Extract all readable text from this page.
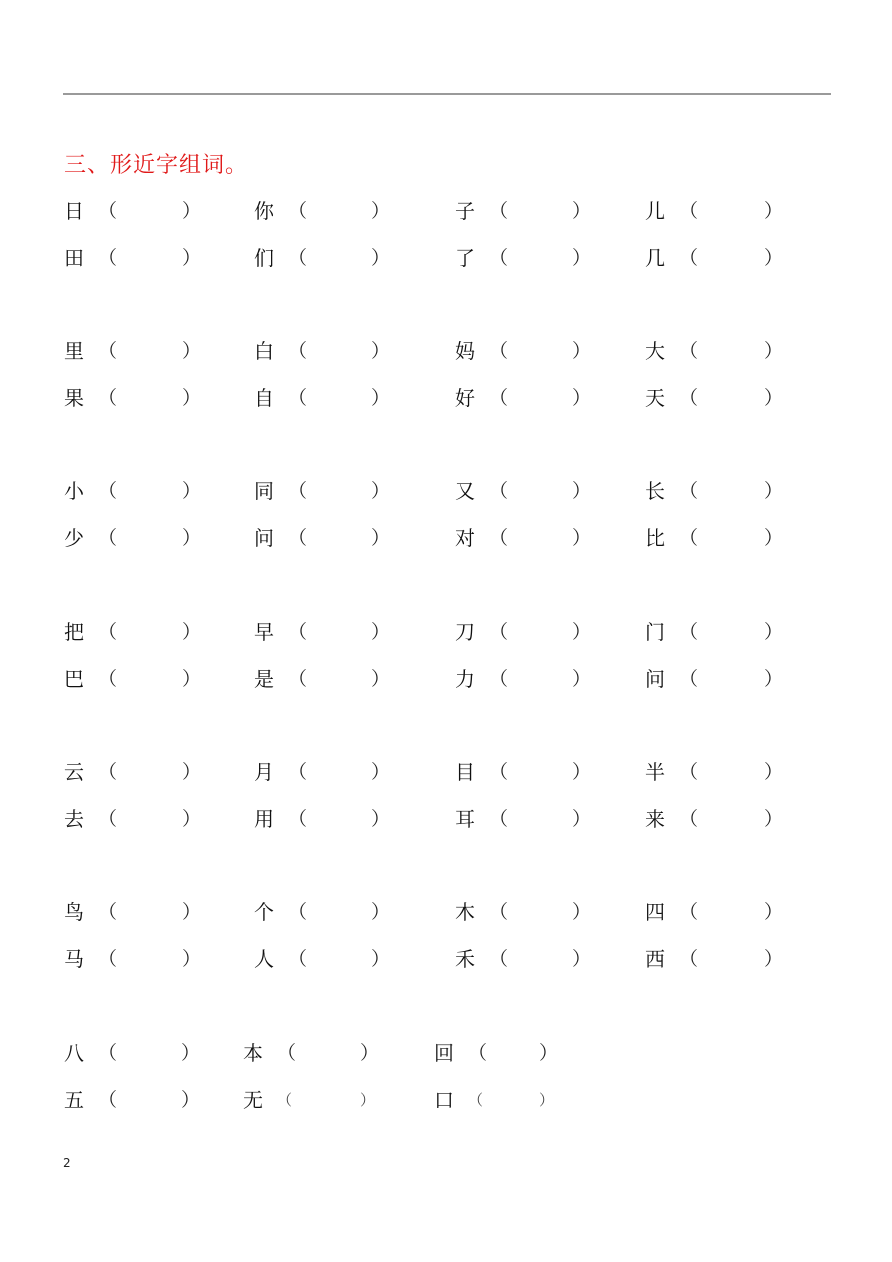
三、形近字组词。
日 （	）	你 （	）	子 （	）	儿 （	）
田 （	）	们 （	）	了 （	）	几 （	）
里 （	）	白 （	）	妈 （	）	大 （	）
果 （	）	自 （	）	好 （	）	天 （	）
小 （	）	同 （	）	又 （	）	长 （	）
少 （	）	问 （	）	对 （	）	比 （	）
把 （	）	早 （	）	刀 （	）	门 （	）
巴 （	）	是 （	）	力 （	）	问 （	）
云 （	）	月 （	）	目 （	）	半 （	）
去 （	）	用 （	）	耳 （	）	来 （	）
鸟 （	）	个 （	）	木 （	）	四 （	）
马 （	）	人 （	）	禾 （	）	西 （	）
八 （	） 本 （	）	回 （	）
五 （	） 无 （	）	口 （	）
2
